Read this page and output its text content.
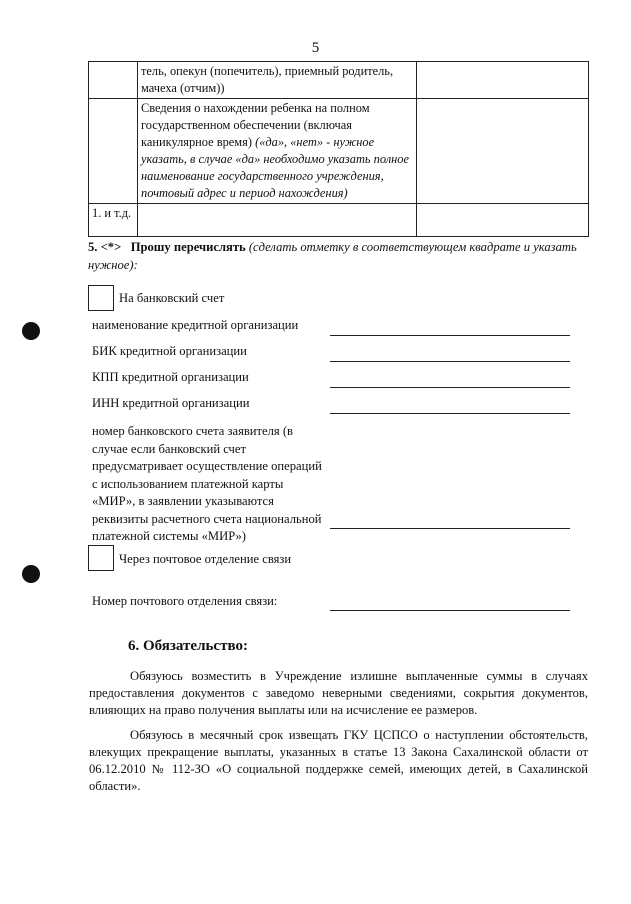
5
	тель, опекун (попечитель), приемный родитель, мачеха (отчим))	
	Сведения о нахождении ребенка на полном государственном обеспечении (включая каникулярное время) («да», «нет» - нужное указать, в случае «да» необходимо указать полное наименование государственного учреждения, почтовый адрес и период нахождения)	
1. и т.д.		
5. <*> Прошу перечислять (сделать отметку в соответствующем квадрате и указать нужное):
На банковский счет
наименование кредитной организации
БИК кредитной организации
КПП кредитной организации
ИНН кредитной организации
номер банковского счета заявителя (в случае если банковский счет предусматривает осуществление операций с использованием платежной карты «МИР», в заявлении указываются реквизиты расчетного счета национальной платежной системы «МИР»)
Через почтовое отделение связи
Номер почтового отделения связи:
6. Обязательство:

Обязуюсь возместить в Учреждение излишне выплаченные суммы в случаях предоставления документов с заведомо неверными сведениями, сокрытия документов, влияющих на право получения выплаты или на исчисление ее размеров.

Обязуюсь в месячный срок извещать ГКУ ЦСПСО о наступлении обстоятельств, влекущих прекращение выплаты, указанных в статье 13 Закона Сахалинской области от 06.12.2010 № 112-ЗО «О социальной поддержке семей, имеющих детей, в Сахалинской области».
